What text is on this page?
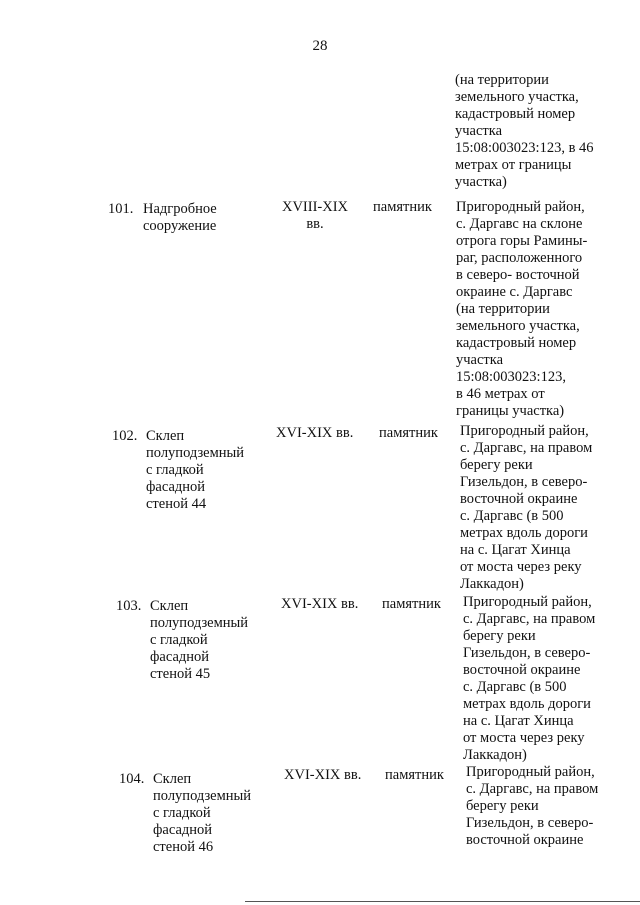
28
(на территории
земельного участка,
кадастровый номер
участка
15:08:003023:123, в 46
метрах от границы
участка)
101. Надгробное
сооружение
XVIII-XIX
вв.
памятник Пригородный район,
с. Даргавс на склоне
отрога горы Рамины-
раг, расположенного
в северо- восточной
окраине с. Даргавс
(на территории
земельного участка,
кадастровый номер
участка
15:08:003023:123,
в 46 метрах от
границы участка)
102. Склеп
полуподземный
с гладкой
фасадной
стеной 44
XVI-XIX вв. памятник Пригородный район,
с. Даргавс, на правом
берегу реки
Гизельдон, в северо-
восточной окраине
с. Даргавс (в 500
метрах вдоль дороги
на с. Цагат Хинца
от моста через реку
Лаккадон)
103. Склеп
полуподземный
с гладкой
фасадной
стеной 45
XVI-XIX вв. памятник Пригородный район,
с. Даргавс, на правом
берегу реки
Гизельдон, в северо-
восточной окраине
с. Даргавс (в 500
метрах вдоль дороги
на с. Цагат Хинца
от моста через реку
Лаккадон)
104. Склеп
полуподземный
с гладкой
фасадной
стеной 46
XVI-XIX вв. памятник Пригородный район,
с. Даргавс, на правом
берегу реки
Гизельдон, в северо-
восточной окраине
